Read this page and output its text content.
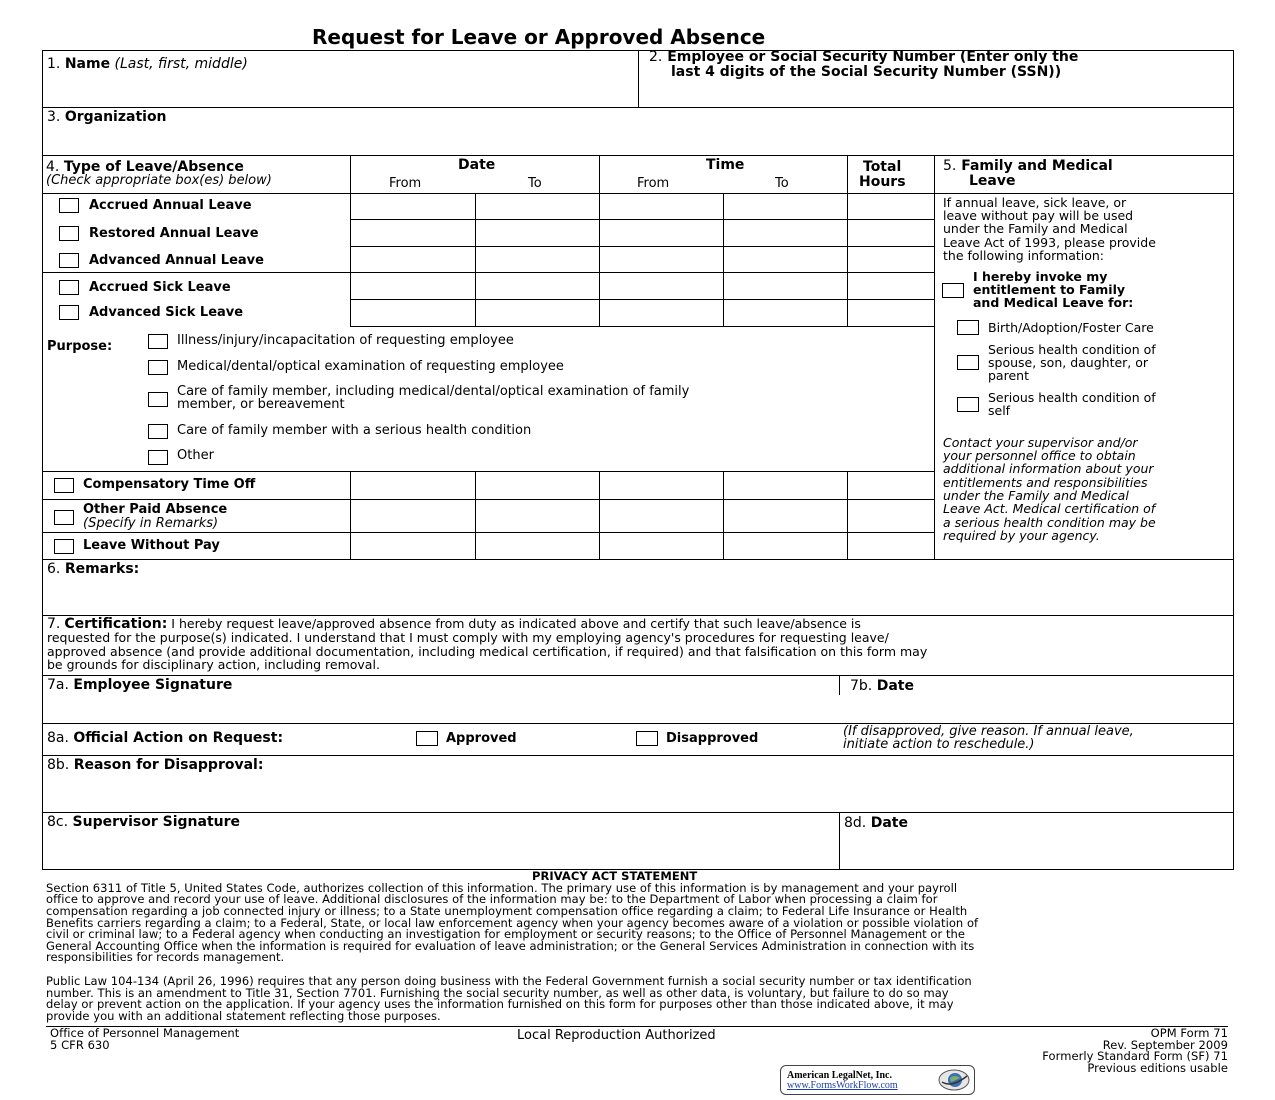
Request for Leave or Approved Absence
1. Name (Last, first, middle)	2. Employee or Social Security Number (Enter only the
last 4 digits of the Social Security Number (SSN))
3. Organization
4. Type of Leave/Absence
(Check appropriate box(es) below)
Date
From	To
Time
From	To
Total
Hours
Accrued Annual Leave
Restored Annual Leave
Advanced Annual Leave
Accrued Sick Leave
Advanced Sick Leave
Purpose:	Illness/injury/incapacitation of requesting employee
Medical/dental/optical examination of requesting employee
Care of family member, including medical/dental/optical examination of family
member, or bereavement
Care of family member with a serious health condition
Other
Compensatory Time Off
Other Paid Absence
(Specify in Remarks)
Leave Without Pay
5. Family and Medical
Leave
If annual leave, sick leave, or
leave without pay will be used
under the Family and Medical
Leave Act of 1993, please provide
the following information:
I hereby invoke my
entitlement to Family
and Medical Leave for:
Birth/Adoption/Foster Care
Serious health condition of
spouse, son, daughter, or
parent
Serious health condition of
self
Contact your supervisor and/or
your personnel office to obtain
additional information about your
entitlements and responsibilities
under the Family and Medical
Leave Act. Medical certification of
a serious health condition may be
required by your agency.
6. Remarks:
7. Certification: I hereby request leave/approved absence from duty as indicated above and certify that such leave/absence is
requested for the purpose(s) indicated. I understand that I must comply with my employing agency's procedures for requesting leave/
approved absence (and provide additional documentation, including medical certification, if required) and that falsification on this form may
be grounds for disciplinary action, including removal.
7a. Employee Signature	7b. Date
8a. Official Action on Request:	Approved	Disapproved	(If disapproved, give reason. If annual leave,
initiate action to reschedule.)
8b. Reason for Disapproval:
8c. Supervisor Signature	8d. Date
PRIVACY ACT STATEMENT
Section 6311 of Title 5, United States Code, authorizes collection of this information. The primary use of this information is by management and your payroll
office to approve and record your use of leave. Additional disclosures of the information may be: to the Department of Labor when processing a claim for
compensation regarding a job connected injury or illness; to a State unemployment compensation office regarding a claim; to Federal Life Insurance or Health
Benefits carriers regarding a claim; to a Federal, State, or local law enforcement agency when your agency becomes aware of a violation or possible violation of
civil or criminal law; to a Federal agency when conducting an investigation for employment or security reasons; to the Office of Personnel Management or the
General Accounting Office when the information is required for evaluation of leave administration; or the General Services Administration in connection with its
responsibilities for records management.
Public Law 104-134 (April 26, 1996) requires that any person doing business with the Federal Government furnish a social security number or tax identification
number. This is an amendment to Title 31, Section 7701. Furnishing the social security number, as well as other data, is voluntary, but failure to do so may
delay or prevent action on the application. If your agency uses the information furnished on this form for purposes other than those indicated above, it may
provide you with an additional statement reflecting those purposes.
Office of Personnel Management
5 CFR 630
Local Reproduction Authorized	OPM Form 71
Rev. September 2009
Formerly Standard Form (SF) 71
Previous editions usable
American LegalNet, Inc.
www.FormsWorkFlow.com
